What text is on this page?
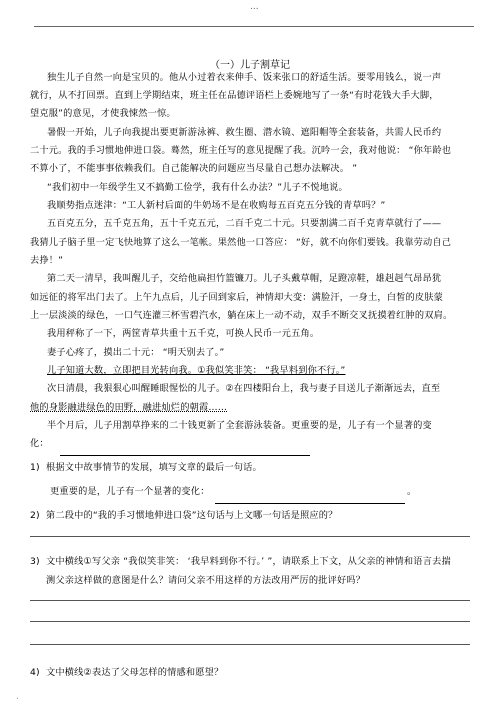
...
（一）儿子割草记
独生儿子自然一向是宝贝的。他从小过着衣来伸手、饭来张口的舒适生活。要零用钱么，说一声
就行，从不打回票。直到上学期结束，班主任在品德评语栏上委婉地写了一条“有时花钱大手大脚，
望克服”的意见，才使我悚然一惊。
暑假一开始，儿子向我提出要更新游泳裤、救生圈、潜水镜、遮阳帽等全套装备，共需人民币约
二十元。我的手习惯地伸进口袋。蓦然，班主任写的意见提醒了我。沉吟一会，我对他说： “你年龄也
不算小了，不能事事依赖我们。自己能解决的问题应当尽量自己想办法解决。 ”
“我们初中一年级学生又不搞勤工俭学，我有什么办法？”儿子不悦地说。
我顺势指点迷津：“工人新村后面的牛奶场不是在收购每五百克五分钱的青草吗？”
五百克五分，五千克五角，五十千克五元，二百千克二十元。只要割满二百千克青草就行了——
我猜儿子脑子里一定飞快地算了这么一笔帐。果然他一口答应： “好，就不向你们要钱。我靠劳动自己
去挣！”
第二天一清早，我叫醒儿子，交给他扁担竹篮镰刀。儿子头戴草帽，足蹬凉鞋，雄赳赳气昂昂犹
如远征的将军出门去了。上午九点后，儿子回到家后，神情却大变：满脸汗，一身土，白皙的皮肤蒙
上一层淡淡的绿色，一口气连灌三杯雪碧汽水，躺在床上一动不动，双手不断交叉抚摸着红肿的双肩。
我用秤称了一下，两筐青草共重十五千克，可换人民币一元五角。
妻子心疼了，摸出二十元： “明天别去了。”
儿子知道大数，立即把目光转向我。①我似笑非笑： “我早料到你不行。”
次日清晨，我狠狠心叫醒睡眼惺忪的儿子。②在四楼阳台上，我与妻子目送儿子渐渐远去，直至
他的身影融进绿色的田野，融进灿烂的朝霞……
半个月后，儿子用割草挣来的二十钱更新了全套游泳装备。更重要的是，儿子有一个显著的变
化：
1) 根据文中故事情节的发展，填写文章的最后一句话。
更重要的是，儿子有一个显著的变化：	。
2) 第二段中的“我的手习惯地伸进口袋”这句话与上文哪一句话是照应的？
3) 文中横线①写父亲 “我似笑非笑： ‘我早料到你不行。’ ”，请联系上下文，从父亲的神情和语言去揣
测父亲这样做的意图是什么？请问父亲不用这样的方法改用严厉的批评好吗？
4) 文中横线②表达了父母怎样的情感和愿望？
.
